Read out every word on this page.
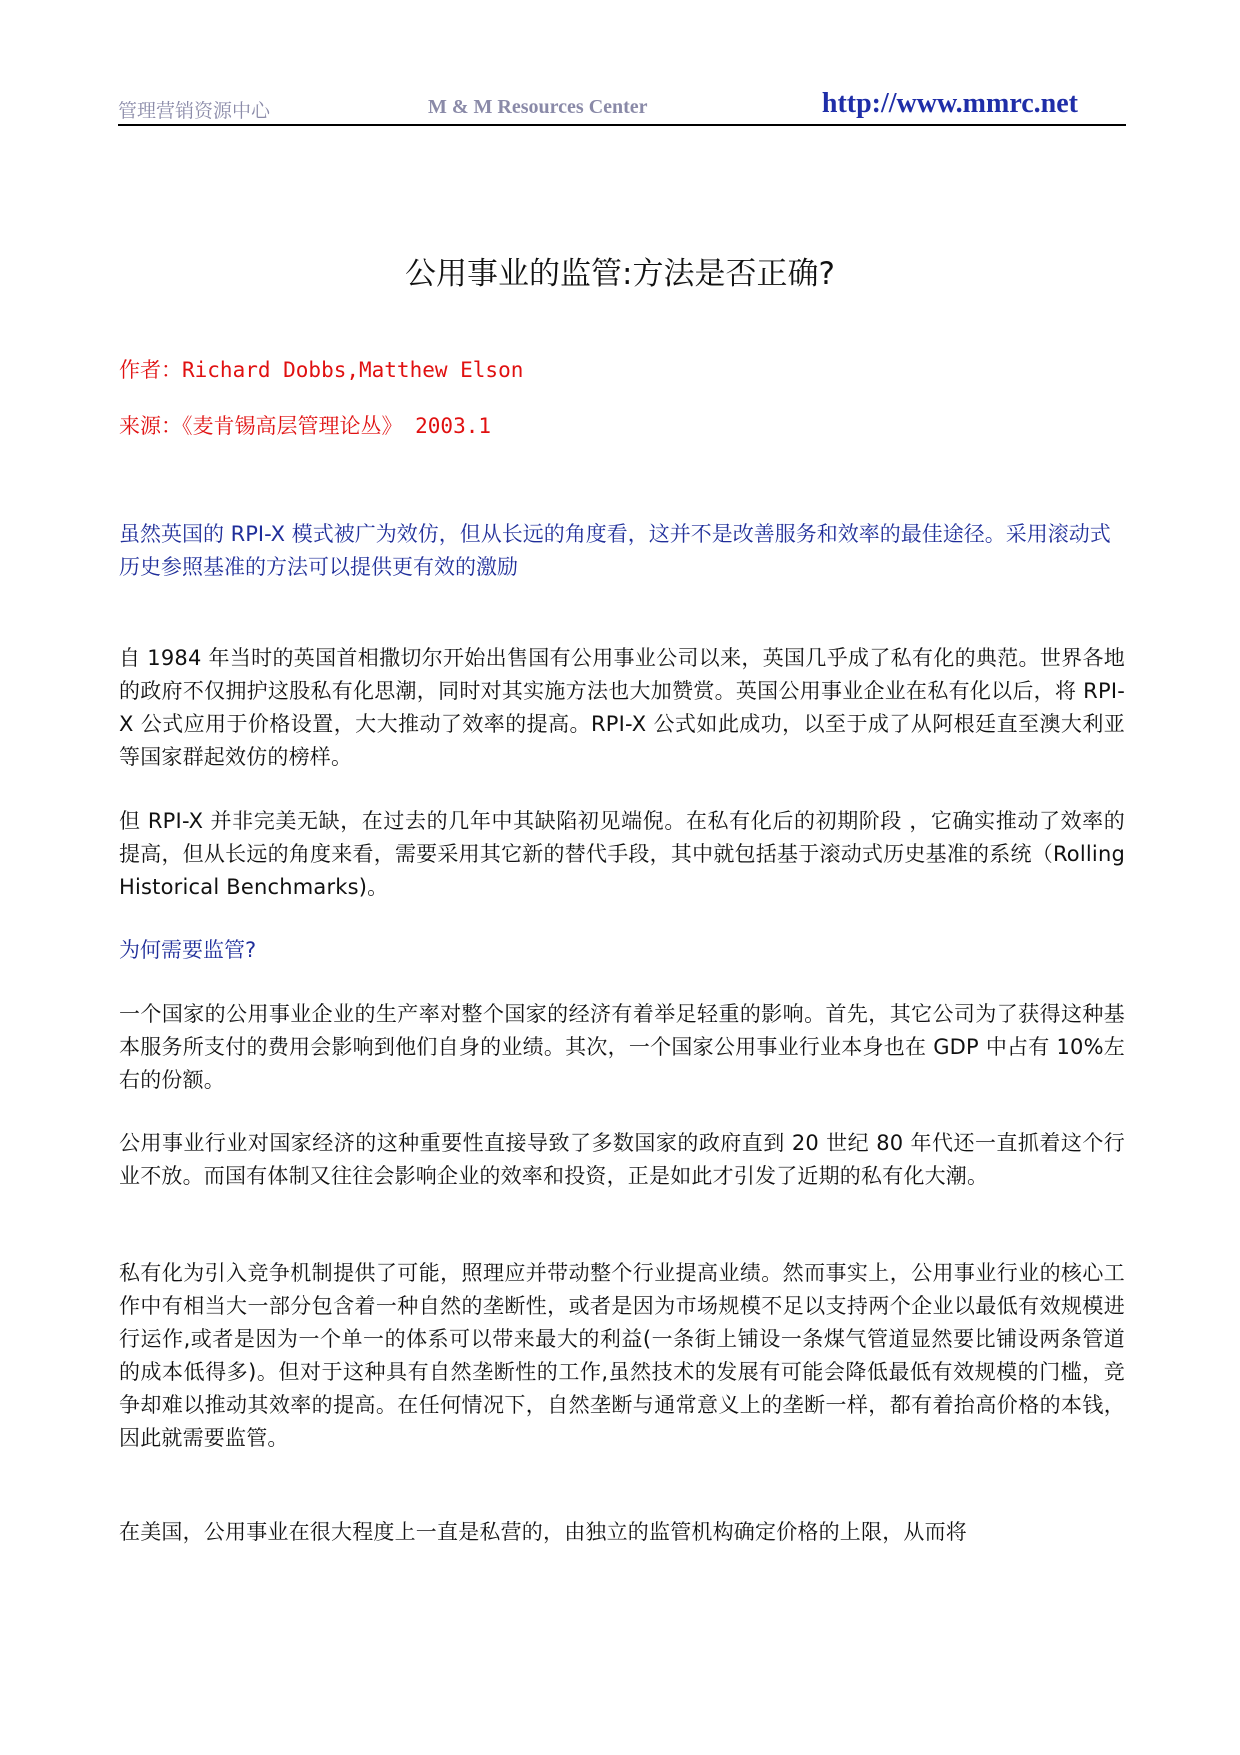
管理营销资源中心	M & M Resources Center	http://www.mmrc.net
公用事业的监管:方法是否正确?
作者：Richard Dobbs,Matthew Elson
来源：《麦肯锡高层管理论丛》 2003.1
虽然英国的 RPI-X 模式被广为效仿，但从长远的角度看，这并不是改善服务和效率的最佳途径。采用滚动式历史参照基准的方法可以提供更有效的激励
自 1984 年当时的英国首相撒切尔开始出售国有公用事业公司以来，英国几乎成了私有化的典范。世界各地的政府不仅拥护这股私有化思潮，同时对其实施方法也大加赞赏。英国公用事业企业在私有化以后，将 RPI-X 公式应用于价格设置，大大推动了效率的提高。RPI-X 公式如此成功，以至于成了从阿根廷直至澳大利亚等国家群起效仿的榜样。
但 RPI-X 并非完美无缺，在过去的几年中其缺陷初见端倪。在私有化后的初期阶段 ，它确实推动了效率的提高，但从长远的角度来看，需要采用其它新的替代手段，其中就包括基于滚动式历史基准的系统（Rolling Historical Benchmarks)。
为何需要监管?
一个国家的公用事业企业的生产率对整个国家的经济有着举足轻重的影响。首先，其它公司为了获得这种基本服务所支付的费用会影响到他们自身的业绩。其次，一个国家公用事业行业本身也在 GDP 中占有 10%左右的份额。
公用事业行业对国家经济的这种重要性直接导致了多数国家的政府直到 20 世纪 80 年代还一直抓着这个行业不放。而国有体制又往往会影响企业的效率和投资，正是如此才引发了近期的私有化大潮。
私有化为引入竞争机制提供了可能，照理应并带动整个行业提高业绩。然而事实上，公用事业行业的核心工作中有相当大一部分包含着一种自然的垄断性，或者是因为市场规模不足以支持两个企业以最低有效规模进行运作,或者是因为一个单一的体系可以带来最大的利益(一条街上铺设一条煤气管道显然要比铺设两条管道的成本低得多)。但对于这种具有自然垄断性的工作,虽然技术的发展有可能会降低最低有效规模的门槛，竞争却难以推动其效率的提高。在任何情况下，自然垄断与通常意义上的垄断一样，都有着抬高价格的本钱，因此就需要监管。
在美国，公用事业在很大程度上一直是私营的，由独立的监管机构确定价格的上限，从而将
